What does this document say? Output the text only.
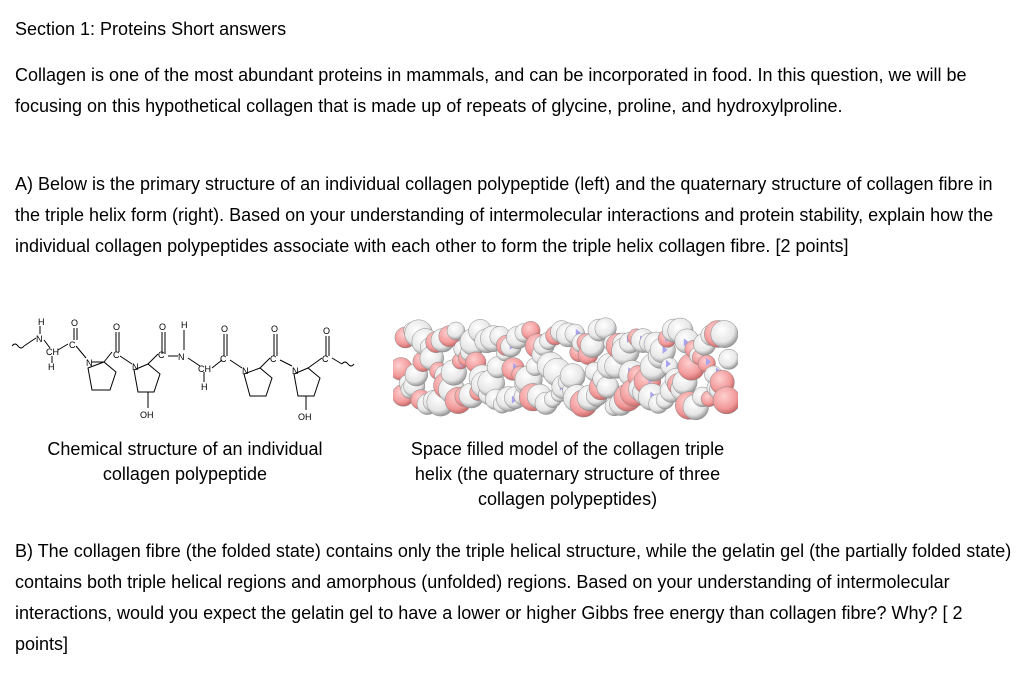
Section 1: Proteins Short answers
Collagen is one of the most abundant proteins in mammals, and can be incorporated in food. In this question, we will be focusing on this hypothetical collagen that is made up of repeats of glycine, proline, and hydroxylproline.
A) Below is the primary structure of an individual collagen polypeptide (left) and the quaternary structure of collagen fibre in the triple helix form (right). Based on your understanding of intermolecular interactions and protein stability, explain how the individual collagen polypeptides associate with each other to form the triple helix collagen fibre. [2 points]
H
N
CH
H
C
O
N
C
O
N
OH
C
O
N
H
CH
H
C
O
N
C
O
N
OH
C
O
Chemical structure of an individual collagen polypeptide
Space filled model of the collagen triple helix (the quaternary structure of three collagen polypeptides)
B) The collagen fibre (the folded state) contains only the triple helical structure, while the gelatin gel (the partially folded state) contains both triple helical regions and amorphous (unfolded) regions. Based on your understanding of intermolecular interactions, would you expect the gelatin gel to have a lower or higher Gibbs free energy than collagen fibre? Why? [ 2 points]
